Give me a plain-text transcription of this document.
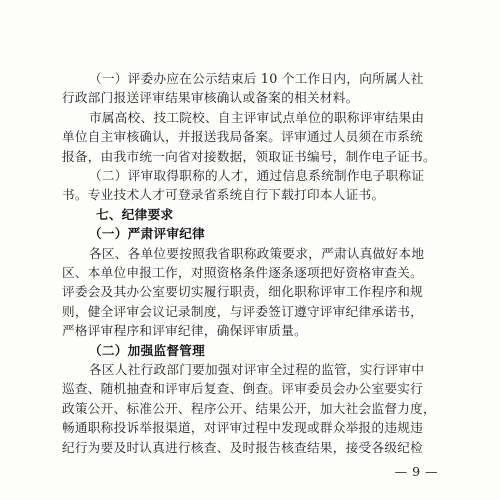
— 9 —
（一）评委办应在公示结束后 10 个工作日内，向所属人社
行政部门报送评审结果审核确认或备案的相关材料。
市属高校、技工院校、自主评审试点单位的职称评审结果由
单位自主审核确认，并报送我局备案。评审通过人员须在市系统
报备，由我市统一向省对接数据，领取证书编号，制作电子证书。
（二）评审取得职称的人才，通过信息系统制作电子职称证
书。专业技术人才可登录省系统自行下载打印本人证书。
七、纪律要求
（一）严肃评审纪律
各区、各单位要按照我省职称政策要求，严肃认真做好本地
区、本单位申报工作，对照资格条件逐条逐项把好资格审查关。
评委会及其办公室要切实履行职责，细化职称评审工作程序和规
则，健全评审会议记录制度，与评委签订遵守评审纪律承诺书，
严格评审程序和评审纪律，确保评审质量。
（二）加强监督管理
各区人社行政部门要加强对评审全过程的监管，实行评审中
巡查、随机抽查和评审后复查、倒查。评审委员会办公室要实行
政策公开、标准公开、程序公开、结果公开，加大社会监督力度，
畅通职称投诉举报渠道，对评审过程中发现或群众举报的违规违
纪行为要及时认真进行核查、及时报告核查结果，接受各级纪检
